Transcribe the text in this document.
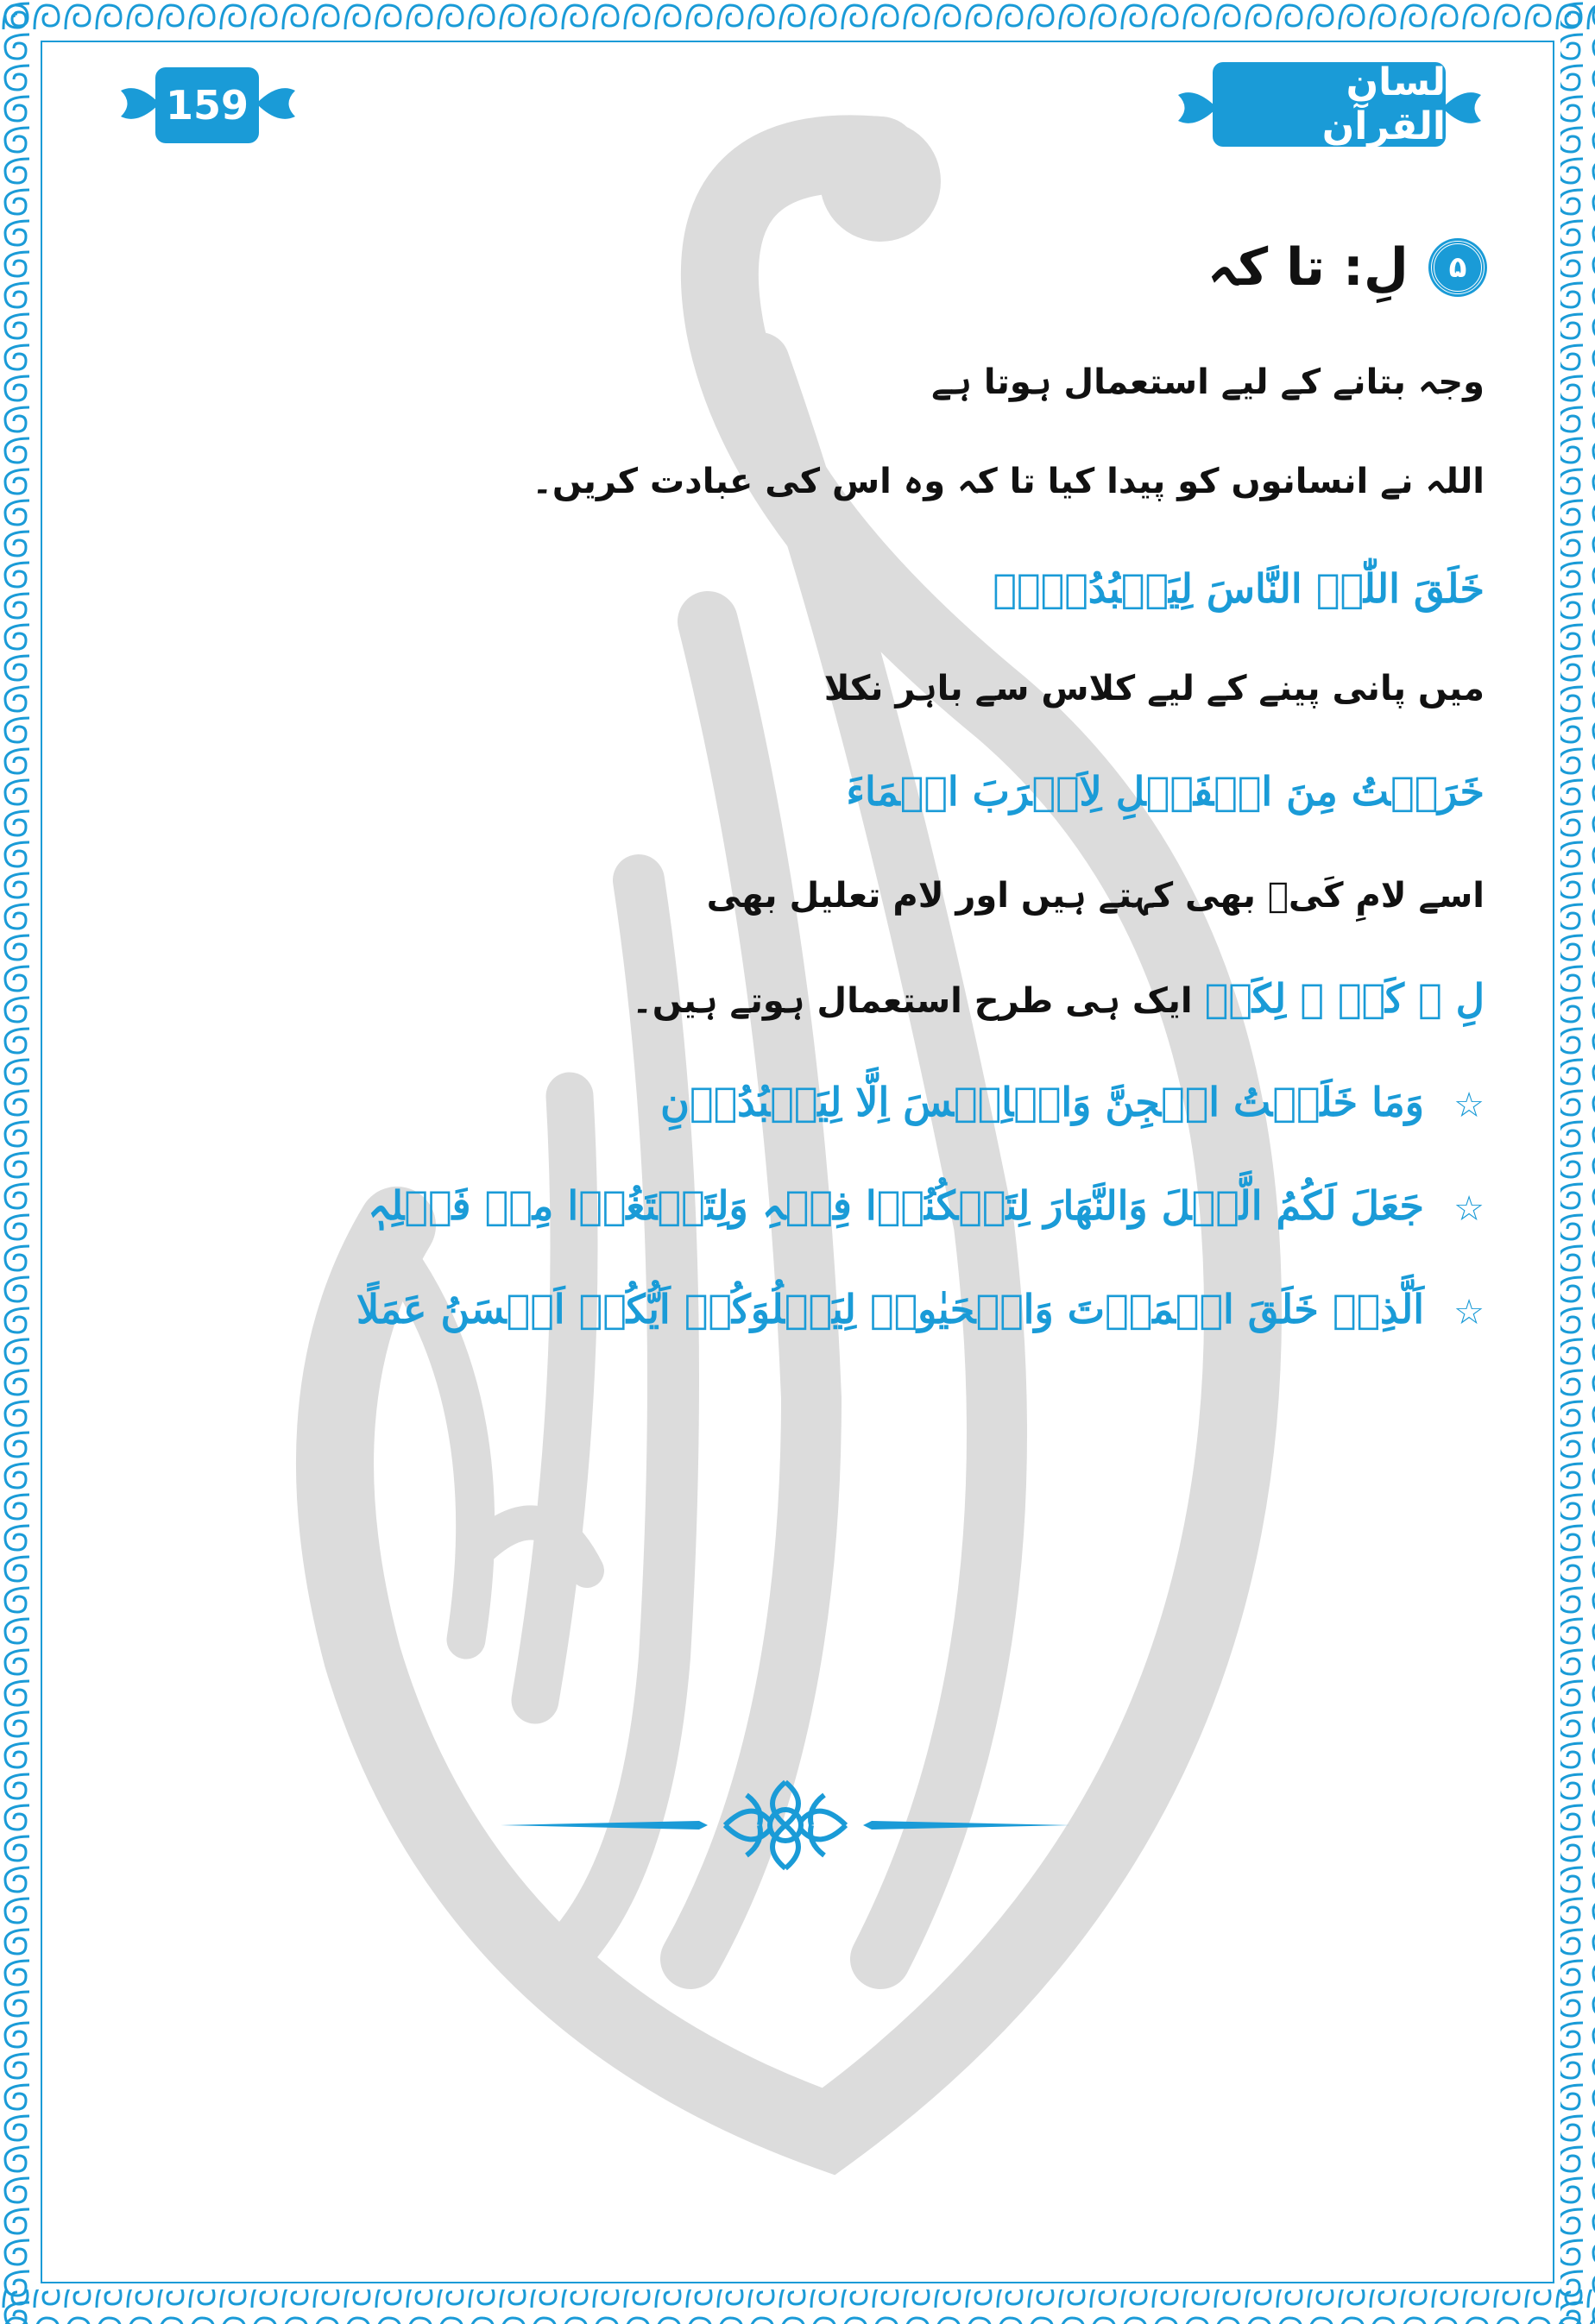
159	لسان القرآن
۵
لِ: تا کہ
وجہ بتانے کے لیے استعمال ہوتا ہے
اللہ نے انسانوں کو پیدا کیا تا کہ وہ اس کی عبادت کریں۔
خَلَقَ اللّٰہُ النَّاسَ لِیَعۡبُدُوۡہُ
میں پانی پینے کے لیے کلاس سے باہر نکلا
خَرَجۡتُ مِنَ الۡفَصۡلِ لِاَشۡرَبَ الۡمَاءَ
اسے لامِ کَیۡ بھی کہتے ہیں اور لام تعلیل بھی
لِ ۔ کَیۡ ۔ لِکَیۡ ایک ہی طرح استعمال ہوتے ہیں۔
وَمَا خَلَقۡتُ الۡجِنَّ وَالۡاِنۡسَ اِلَّا لِیَعۡبُدُوۡنِ ☆
جَعَلَ لَکُمُ الَّیۡلَ وَالنَّھَارَ لِتَسۡکُنُوۡا فِیۡہِ وَلِتَبۡتَغُوۡا مِنۡ فَضۡلِہٖ ☆
اَلَّذِیۡ خَلَقَ الۡمَوۡتَ وَالۡحَیٰوۃَ لِیَبۡلُوَکُمۡ اَیُّکُمۡ اَحۡسَنُ عَمَلًا ☆
